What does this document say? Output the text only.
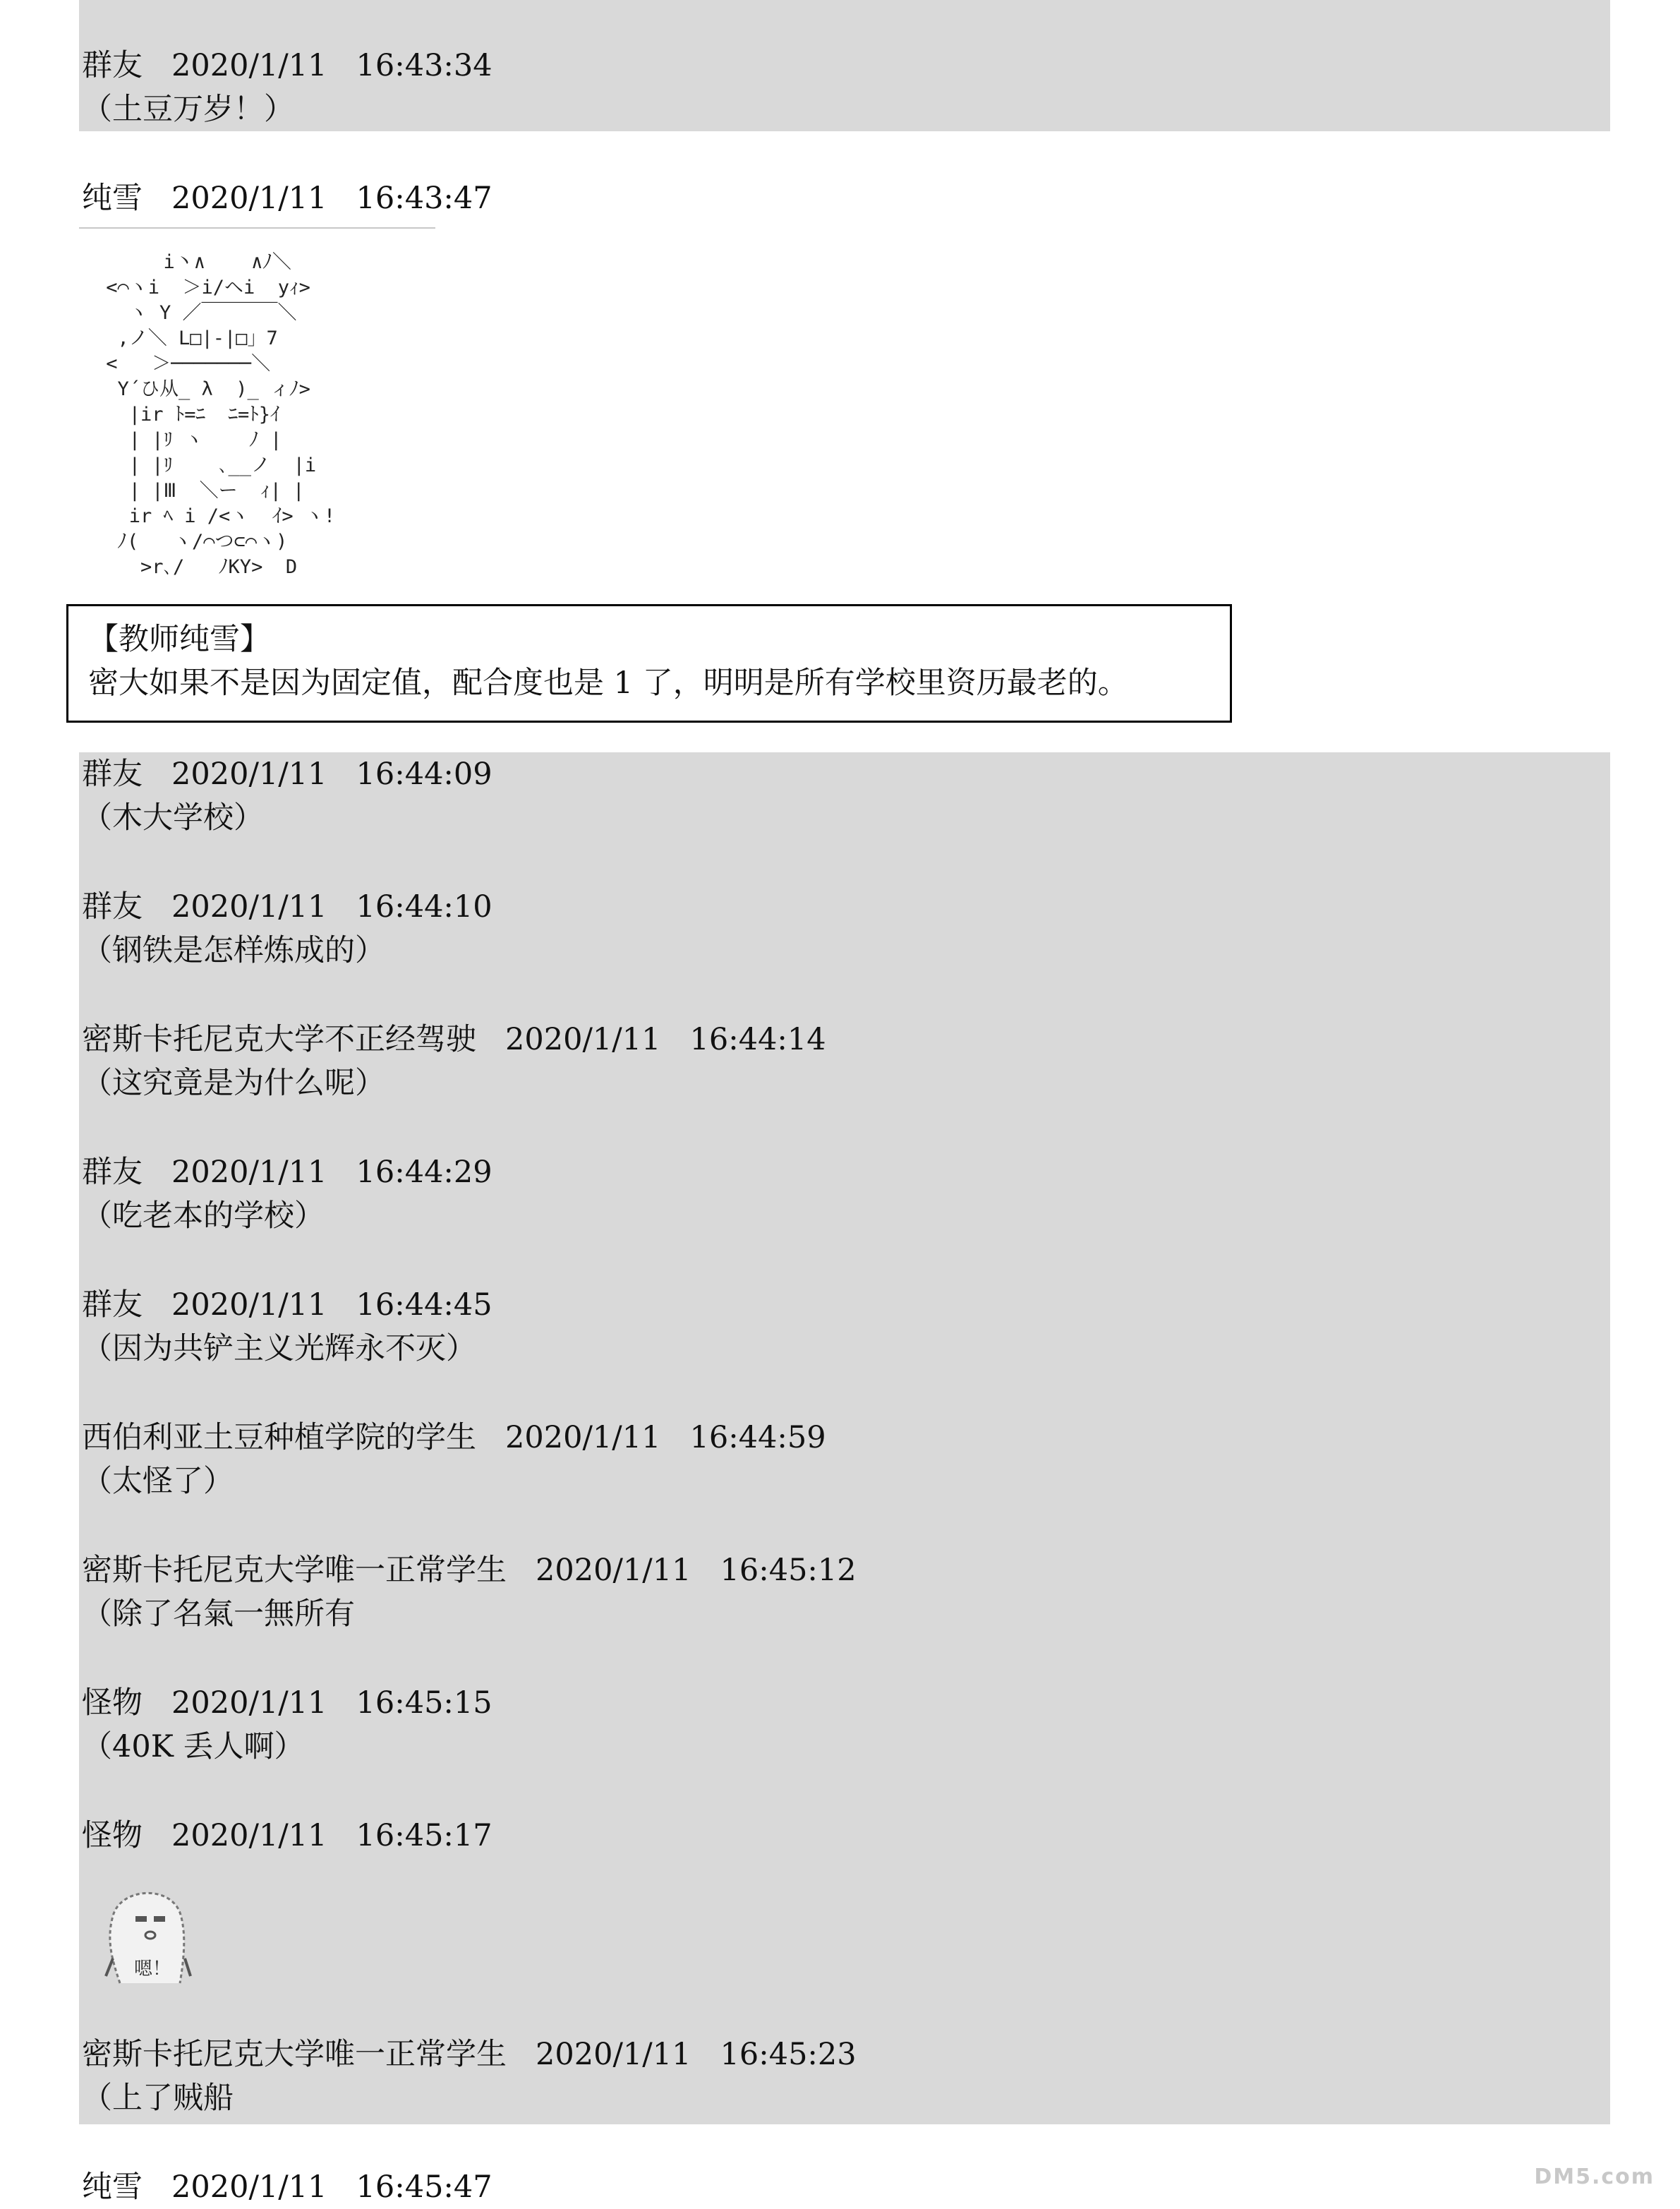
群友 2020/1/11 16:43:34
（土豆万岁！）
纯雪 2020/1/11 16:43:47
i丶∧    ∧ﾉ＼
<⌒ヽi  ＞i/ヘi  yｨ>
ヽ Y ／￣￣￣￣＼
,ノ＼ L□|-|□」7
<   ＞───────＼
Y´ひ从_ λ  )_ ィﾉ>
|ir ﾄ=ﾆ  ﾆ=ﾄ}ｲ
| |ﾘ ヽ    ﾉ |
| |ﾘ    ､__ノ  |i
| |Ⅲ  ＼ー  ｨ| |
ir ﾍ i /<ヽ  ｲ> ヽ!
ﾉ(   ヽ/⌒つ⊂⌒ヽ)
>r､/   ﾉKY>  D
【教师纯雪】
密大如果不是因为固定值，配合度也是 1 了，明明是所有学校里资历最老的。
群友 2020/1/11 16:44:09
（木大学校）
群友 2020/1/11 16:44:10
（钢铁是怎样炼成的）
密斯卡托尼克大学不正经驾驶 2020/1/11 16:44:14
（这究竟是为什么呢）
群友 2020/1/11 16:44:29
（吃老本的学校）
群友 2020/1/11 16:44:45
（因为共铲主义光辉永不灭）
西伯利亚土豆种植学院的学生 2020/1/11 16:44:59
（太怪了）
密斯卡托尼克大学唯一正常学生 2020/1/11 16:45:12
（除了名氣一無所有
怪物 2020/1/11 16:45:15
（40K 丢人啊）
怪物 2020/1/11 16:45:17
嗯！
密斯卡托尼克大学唯一正常学生 2020/1/11 16:45:23
（上了贼船
纯雪 2020/1/11 16:45:47	DM5.com
